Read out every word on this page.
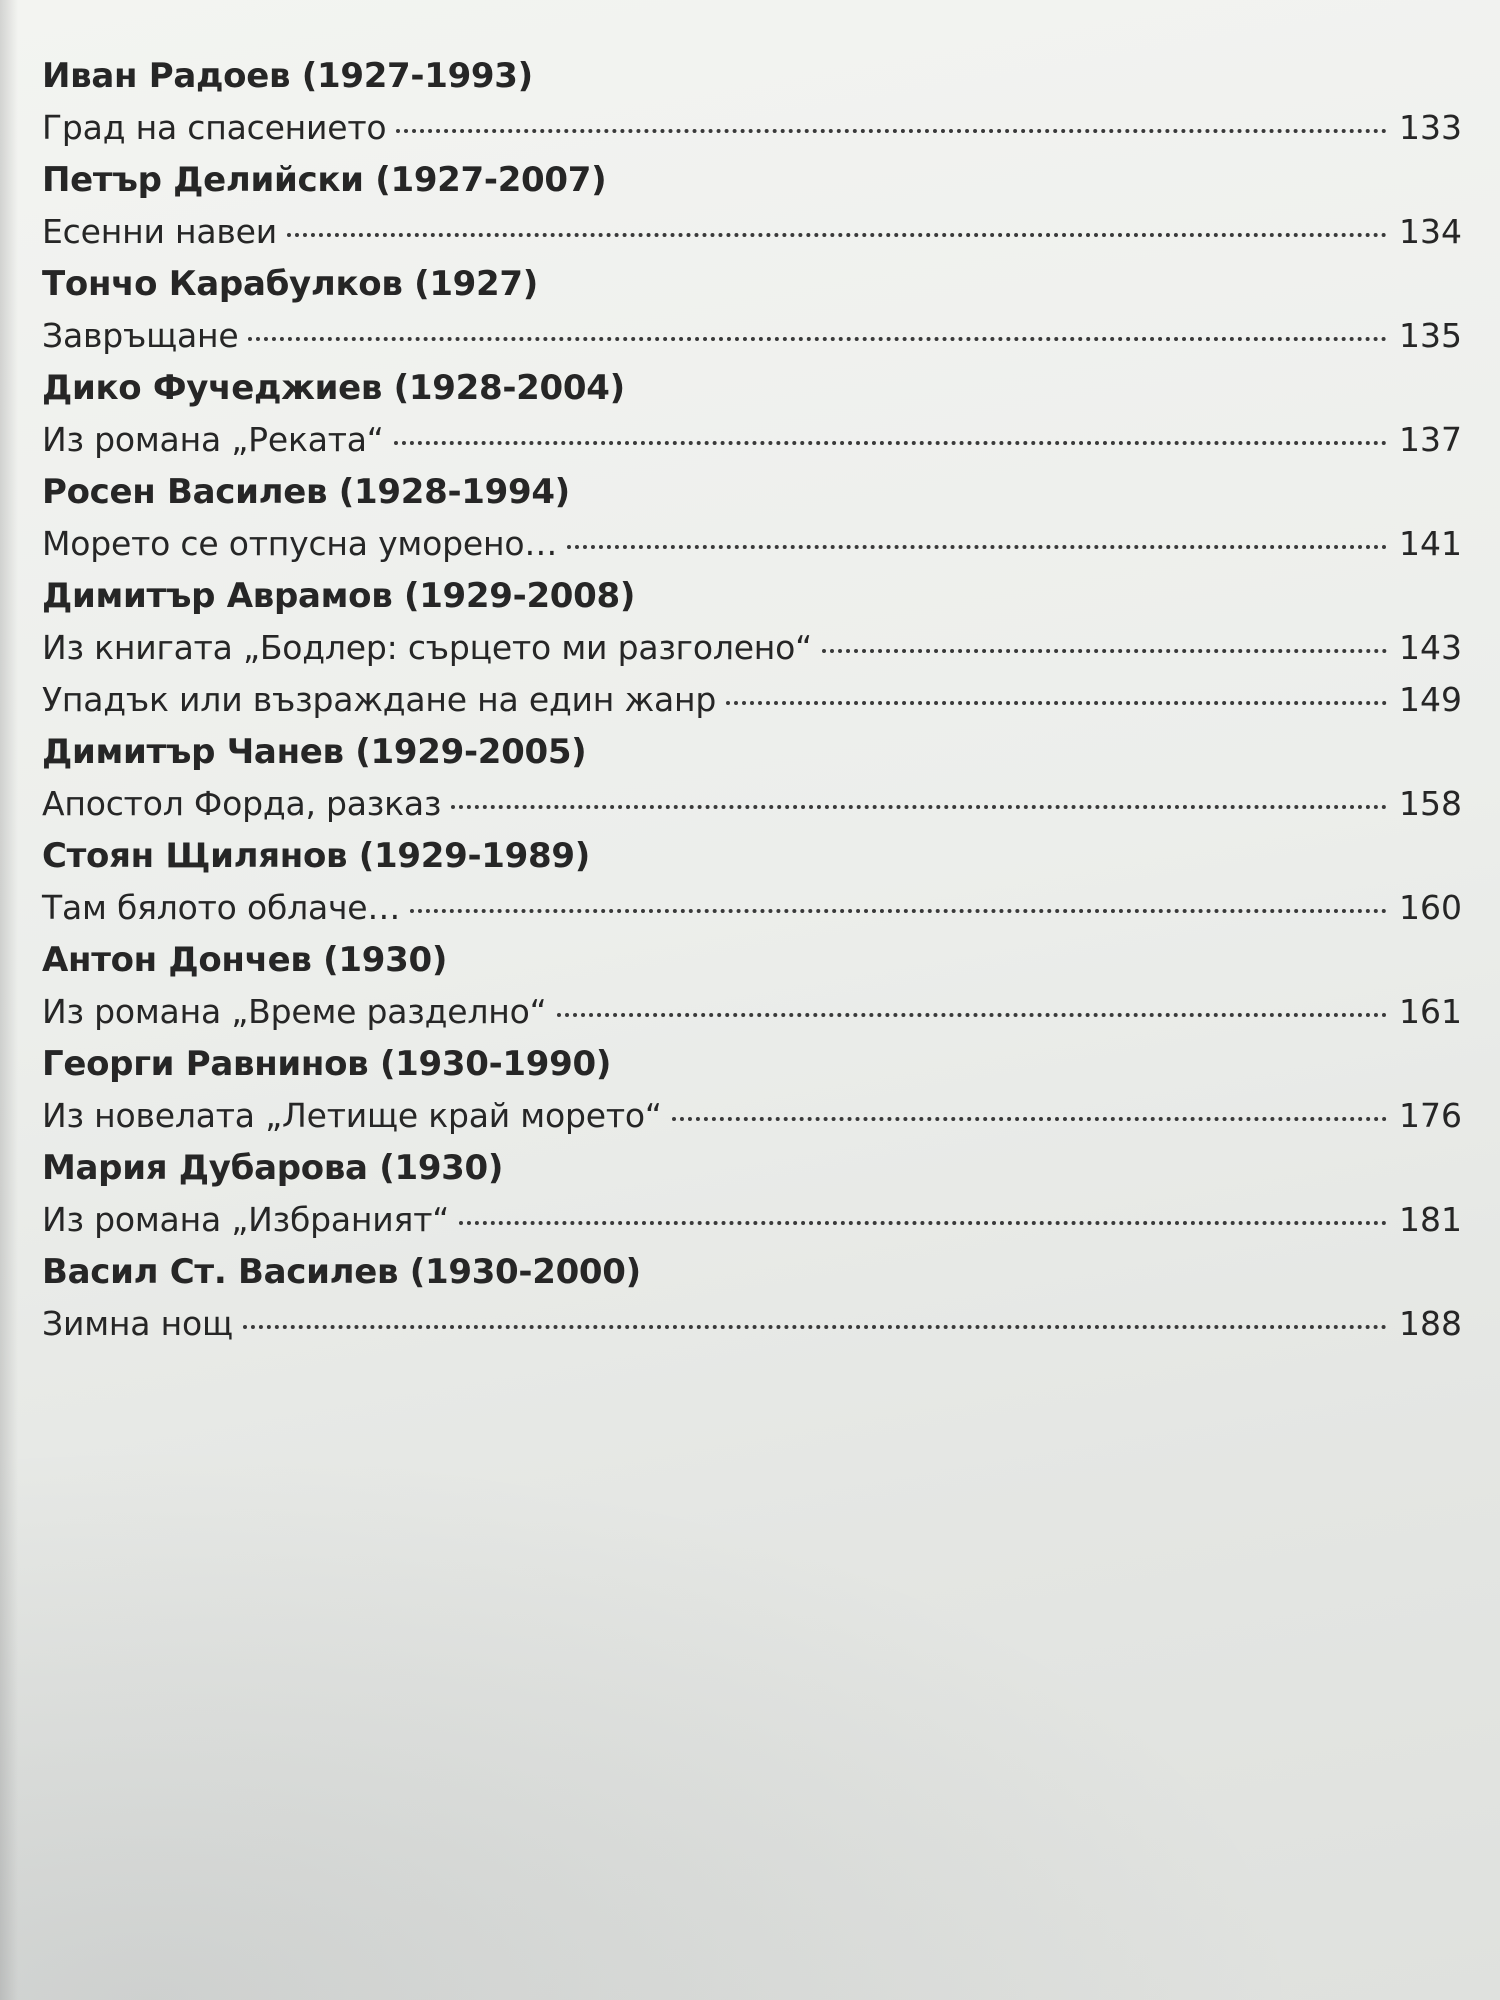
Иван Радоев (1927-1993)
Град на спасението	133
Петър Делийски (1927-2007)
Есенни навеи	134
Тончо Карабулков (1927)
Завръщане	135
Дико Фучеджиев (1928-2004)
Из романа „Реката“	137
Росен Василев (1928-1994)
Морето се отпусна уморено…	141
Димитър Аврамов (1929-2008)
Из книгата „Бодлер: сърцето ми разголено“	143
Упадък или възраждане на един жанр	149
Димитър Чанев (1929-2005)
Апостол Форда, разказ	158
Стоян Щилянов (1929-1989)
Там бялото облаче…	160
Антон Дончев (1930)
Из романа „Време разделно“	161
Георги Равнинов (1930-1990)
Из новелата „Летище край морето“	176
Мария Дубарова (1930)
Из романа „Избраният“	181
Васил Ст. Василев (1930-2000)
Зимна нощ	188
